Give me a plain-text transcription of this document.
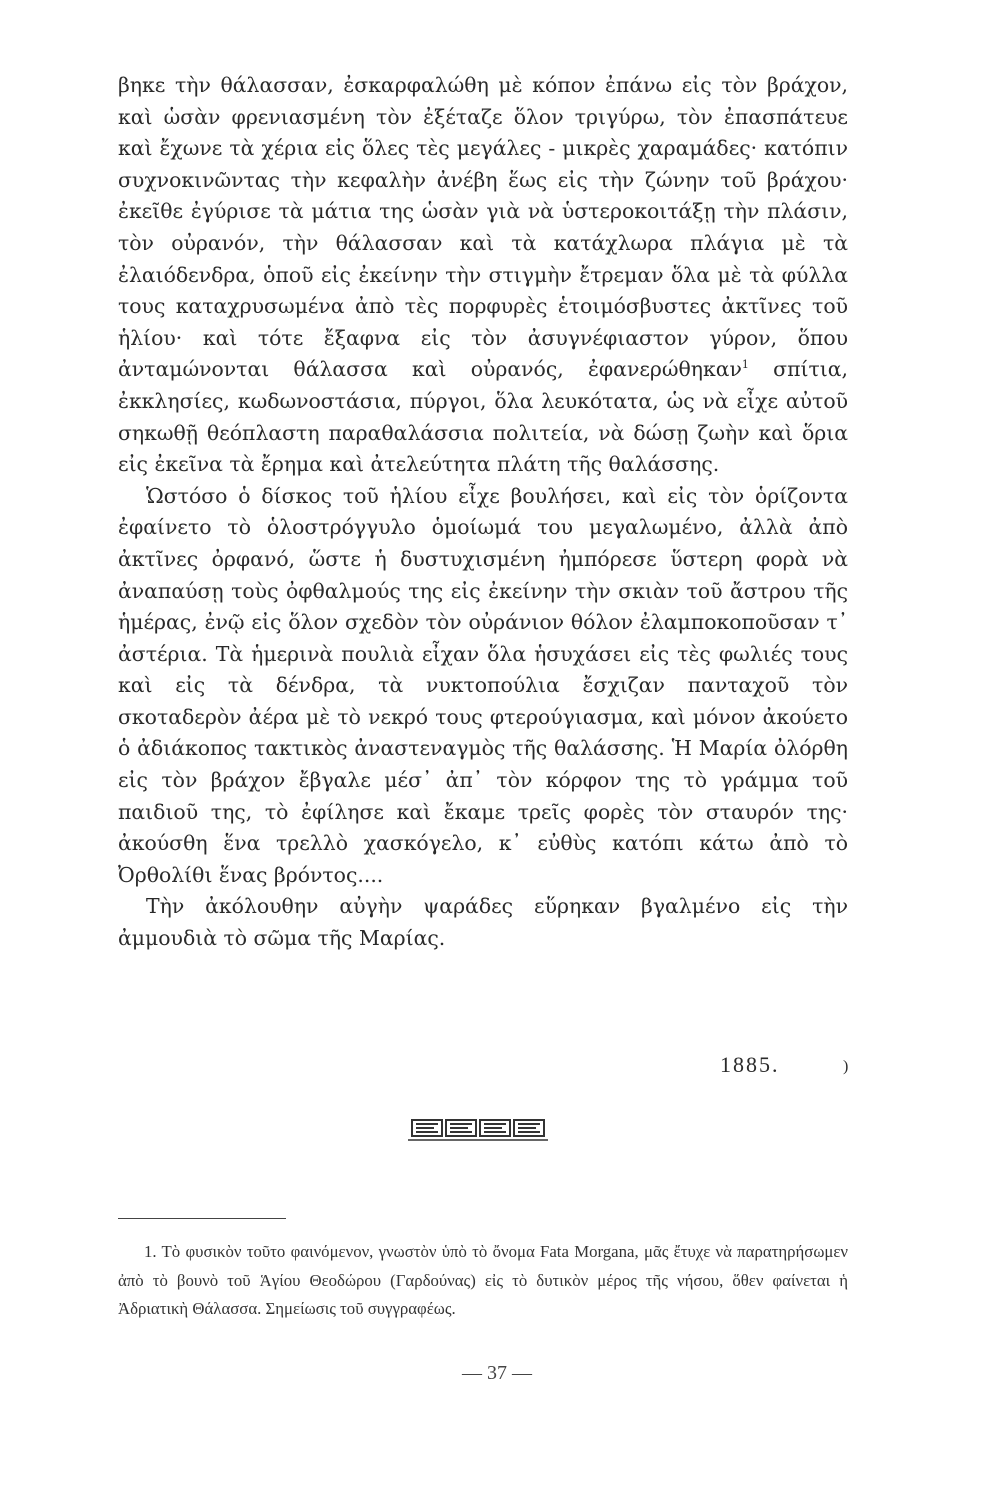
βηκε τὴν θάλασσαν, ἐσκαρφαλώθη μὲ κόπον ἐπάνω εἰς τὸν βράχον, καὶ ὡσὰν φρενιασμένη τὸν ἐξέταζε ὅλον τριγύρω, τὸν ἐπασπάτευε καὶ ἔχωνε τὰ χέρια εἰς ὅλες τὲς μεγάλες - μικρὲς χαραμάδες· κατόπιν συχνοκινῶντας τὴν κεφαλὴν ἀνέβη ἕως εἰς τὴν ζώνην τοῦ βράχου· ἐκεῖθε ἐγύρισε τὰ μάτια της ὡσὰν γιὰ νὰ ὑστεροκοιτάξῃ τὴν πλάσιν, τὸν οὐρανόν, τὴν θάλασσαν καὶ τὰ κατάχλωρα πλάγια μὲ τὰ ἐλαιόδενδρα, ὁποῦ εἰς ἐκείνην τὴν στιγμὴν ἔτρεμαν ὅλα μὲ τὰ φύλλα τους καταχρυσωμένα ἀπὸ τὲς πορφυρὲς ἑτοιμόσβυστες ἀκτῖνες τοῦ ἡλίου· καὶ τότε ἔξαφνα εἰς τὸν ἀσυγνέφιαστον γύρον, ὅπου ἀνταμώνονται θάλασσα καὶ οὐρανός, ἐφανερώθηκαν$^1$ σπίτια, ἐκκλησίες, κωδωνοστάσια, πύργοι, ὅλα λευκότατα, ὡς νὰ εἶχε αὐτοῦ σηκωθῇ θεόπλαστη παραθαλάσσια πολιτεία, νὰ δώσῃ ζωὴν καὶ ὅρια εἰς ἐκεῖνα τὰ ἔρημα καὶ ἀτελεύτητα πλάτη τῆς θαλάσσης.

Ὡστόσο ὁ δίσκος τοῦ ἡλίου εἶχε βουλήσει, καὶ εἰς τὸν ὁρίζοντα ἐφαίνετο τὸ ὁλοστρόγγυλο ὁμοίωμά του μεγαλωμένο, ἀλλὰ ἀπὸ ἀκτῖνες ὀρφανό, ὥστε ἡ δυστυχισμένη ἠμπόρεσε ὕστερη φορὰ νὰ ἀναπαύσῃ τοὺς ὀφθαλμούς της εἰς ἐκείνην τὴν σκιὰν τοῦ ἄστρου τῆς ἡμέρας, ἐνῷ εἰς ὅλον σχεδὸν τὸν οὐράνιον θόλον ἐλαμποκοποῦσαν τ᾽ ἀστέρια. Τὰ ἡμερινὰ πουλιὰ εἶχαν ὅλα ἡσυχάσει εἰς τὲς φωλιές τους καὶ εἰς τὰ δένδρα, τὰ νυκτοπούλια ἔσχιζαν πανταχοῦ τὸν σκοταδερὸν ἀέρα μὲ τὸ νεκρό τους φτερούγιασμα, καὶ μόνον ἀκούετο ὁ ἀδιάκοπος τακτικὸς ἀναστεναγμὸς τῆς θαλάσσης. Ἡ Μαρία ὀλόρθη εἰς τὸν βράχον ἔβγαλε μέσ᾽ ἀπ᾽ τὸν κόρφον της τὸ γράμμα τοῦ παιδιοῦ της, τὸ ἐφίλησε καὶ ἔκαμε τρεῖς φορὲς τὸν σταυρόν της· ἀκούσθη ἕνα τρελλὸ χασκόγελο, κ᾽ εὐθὺς κατόπι κάτω ἀπὸ τὸ Ὀρθολίθι ἕνας βρόντος....

Τὴν ἀκόλουθην αὐγὴν ψαράδες εὕρηκαν βγαλμένο εἰς τὴν ἀμμουδιὰ τὸ σῶμα τῆς Μαρίας.

1885.	)

1. Τὸ φυσικὸν τοῦτο φαινόμενον, γνωστὸν ὑπὸ τὸ ὄνομα Fata Morgana, μᾶς ἔτυχε νὰ παρατηρήσωμεν ἀπὸ τὸ βουνὸ τοῦ Ἁγίου Θεοδώρου (Γαρδούνας) εἰς τὸ δυτικὸν μέρος τῆς νήσου, ὅθεν φαίνεται ἡ Ἀδριατικὴ Θάλασσα. Σημείωσις τοῦ συγγραφέως.

— 37 —
